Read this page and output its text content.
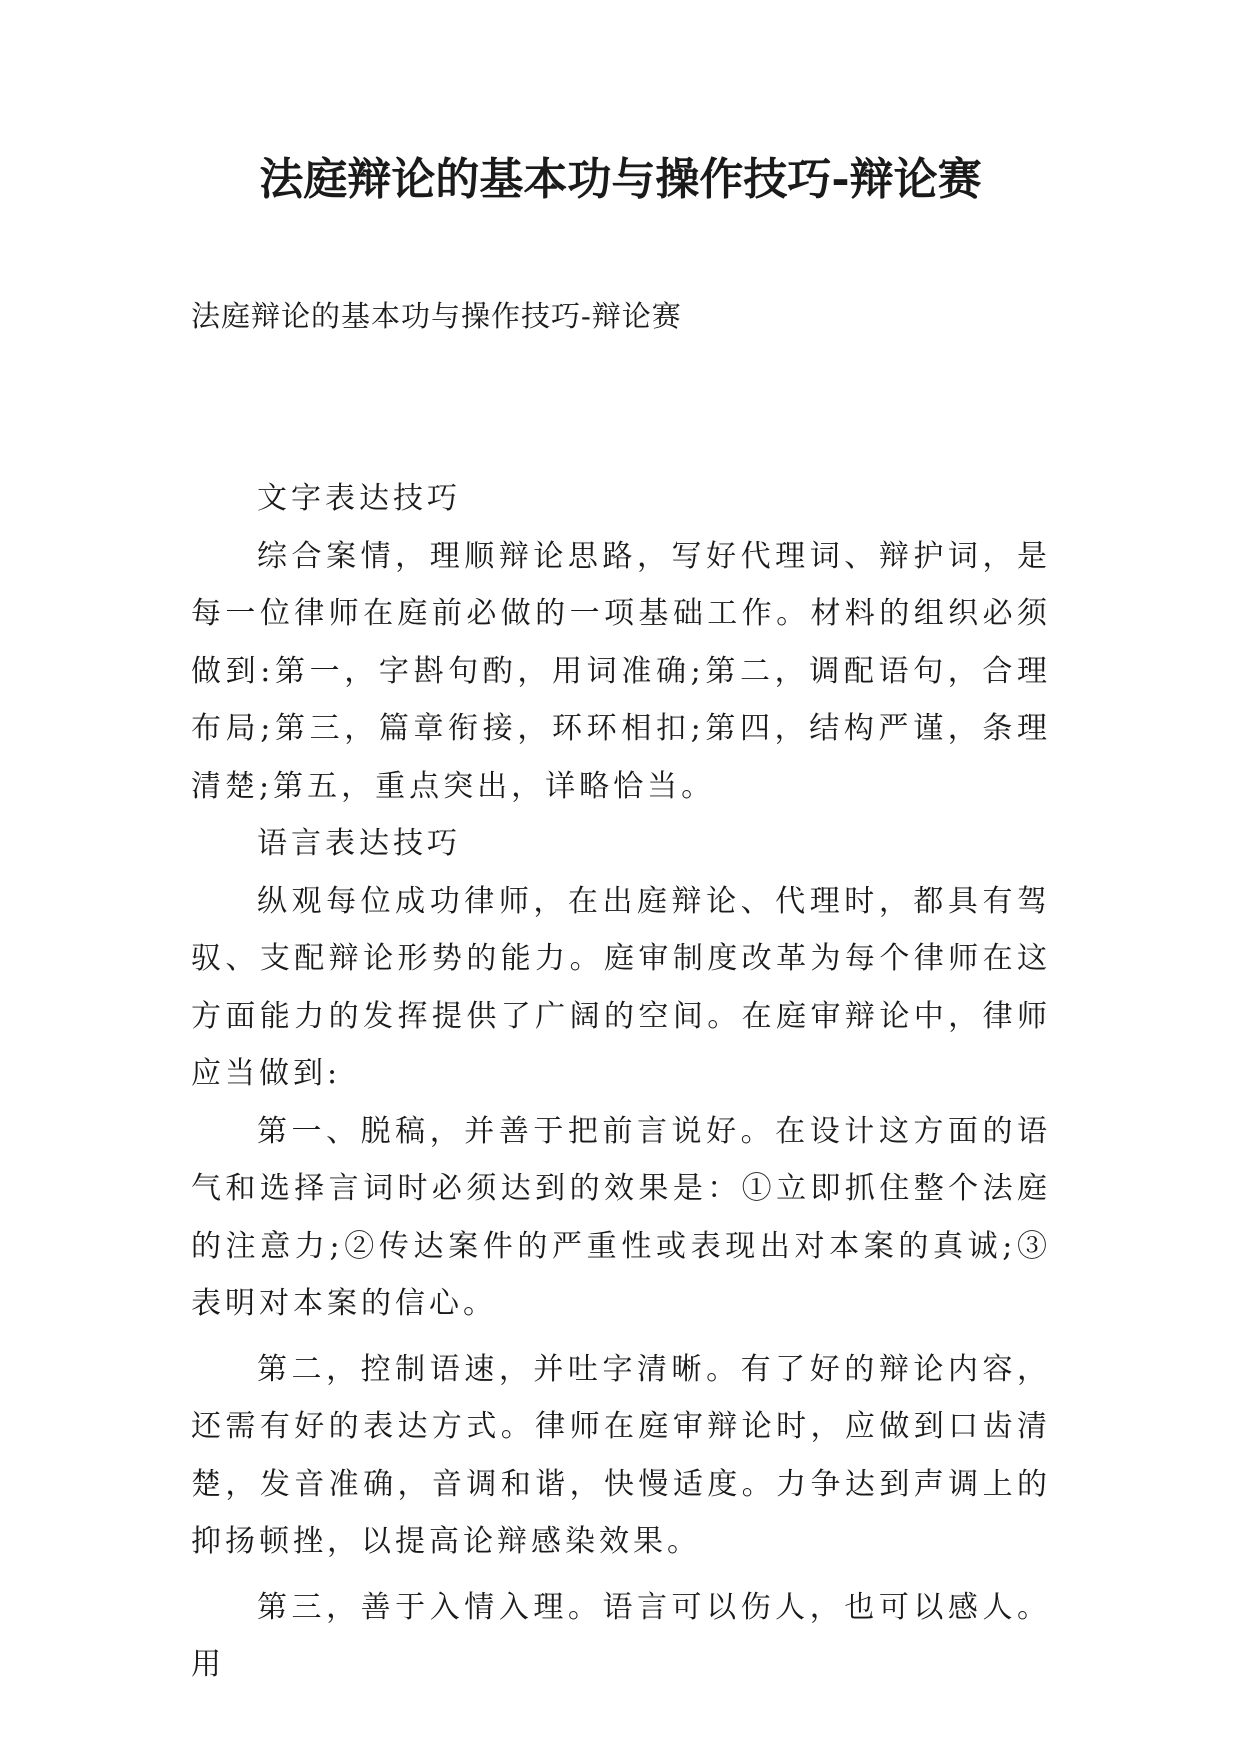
法庭辩论的基本功与操作技巧-辩论赛
法庭辩论的基本功与操作技巧-辩论赛

文字表达技巧

综合案情，理顺辩论思路，写好代理词、辩护词，是每一位律师在庭前必做的一项基础工作。材料的组织必须做到:第一，字斟句酌，用词准确;第二，调配语句，合理布局;第三，篇章衔接，环环相扣;第四，结构严谨，条理清楚;第五，重点突出，详略恰当。

语言表达技巧

纵观每位成功律师，在出庭辩论、代理时，都具有驾驭、支配辩论形势的能力。庭审制度改革为每个律师在这方面能力的发挥提供了广阔的空间。在庭审辩论中，律师应当做到:

第一、脱稿，并善于把前言说好。在设计这方面的语气和选择言词时必须达到的效果是：①立即抓住整个法庭的注意力;②传达案件的严重性或表现出对本案的真诚;③表明对本案的信心。

第二，控制语速，并吐字清晰。有了好的辩论内容，还需有好的表达方式。律师在庭审辩论时，应做到口齿清楚，发音准确，音调和谐，快慢适度。力争达到声调上的抑扬顿挫，以提高论辩感染效果。

第三，善于入情入理。语言可以伤人，也可以感人。用
